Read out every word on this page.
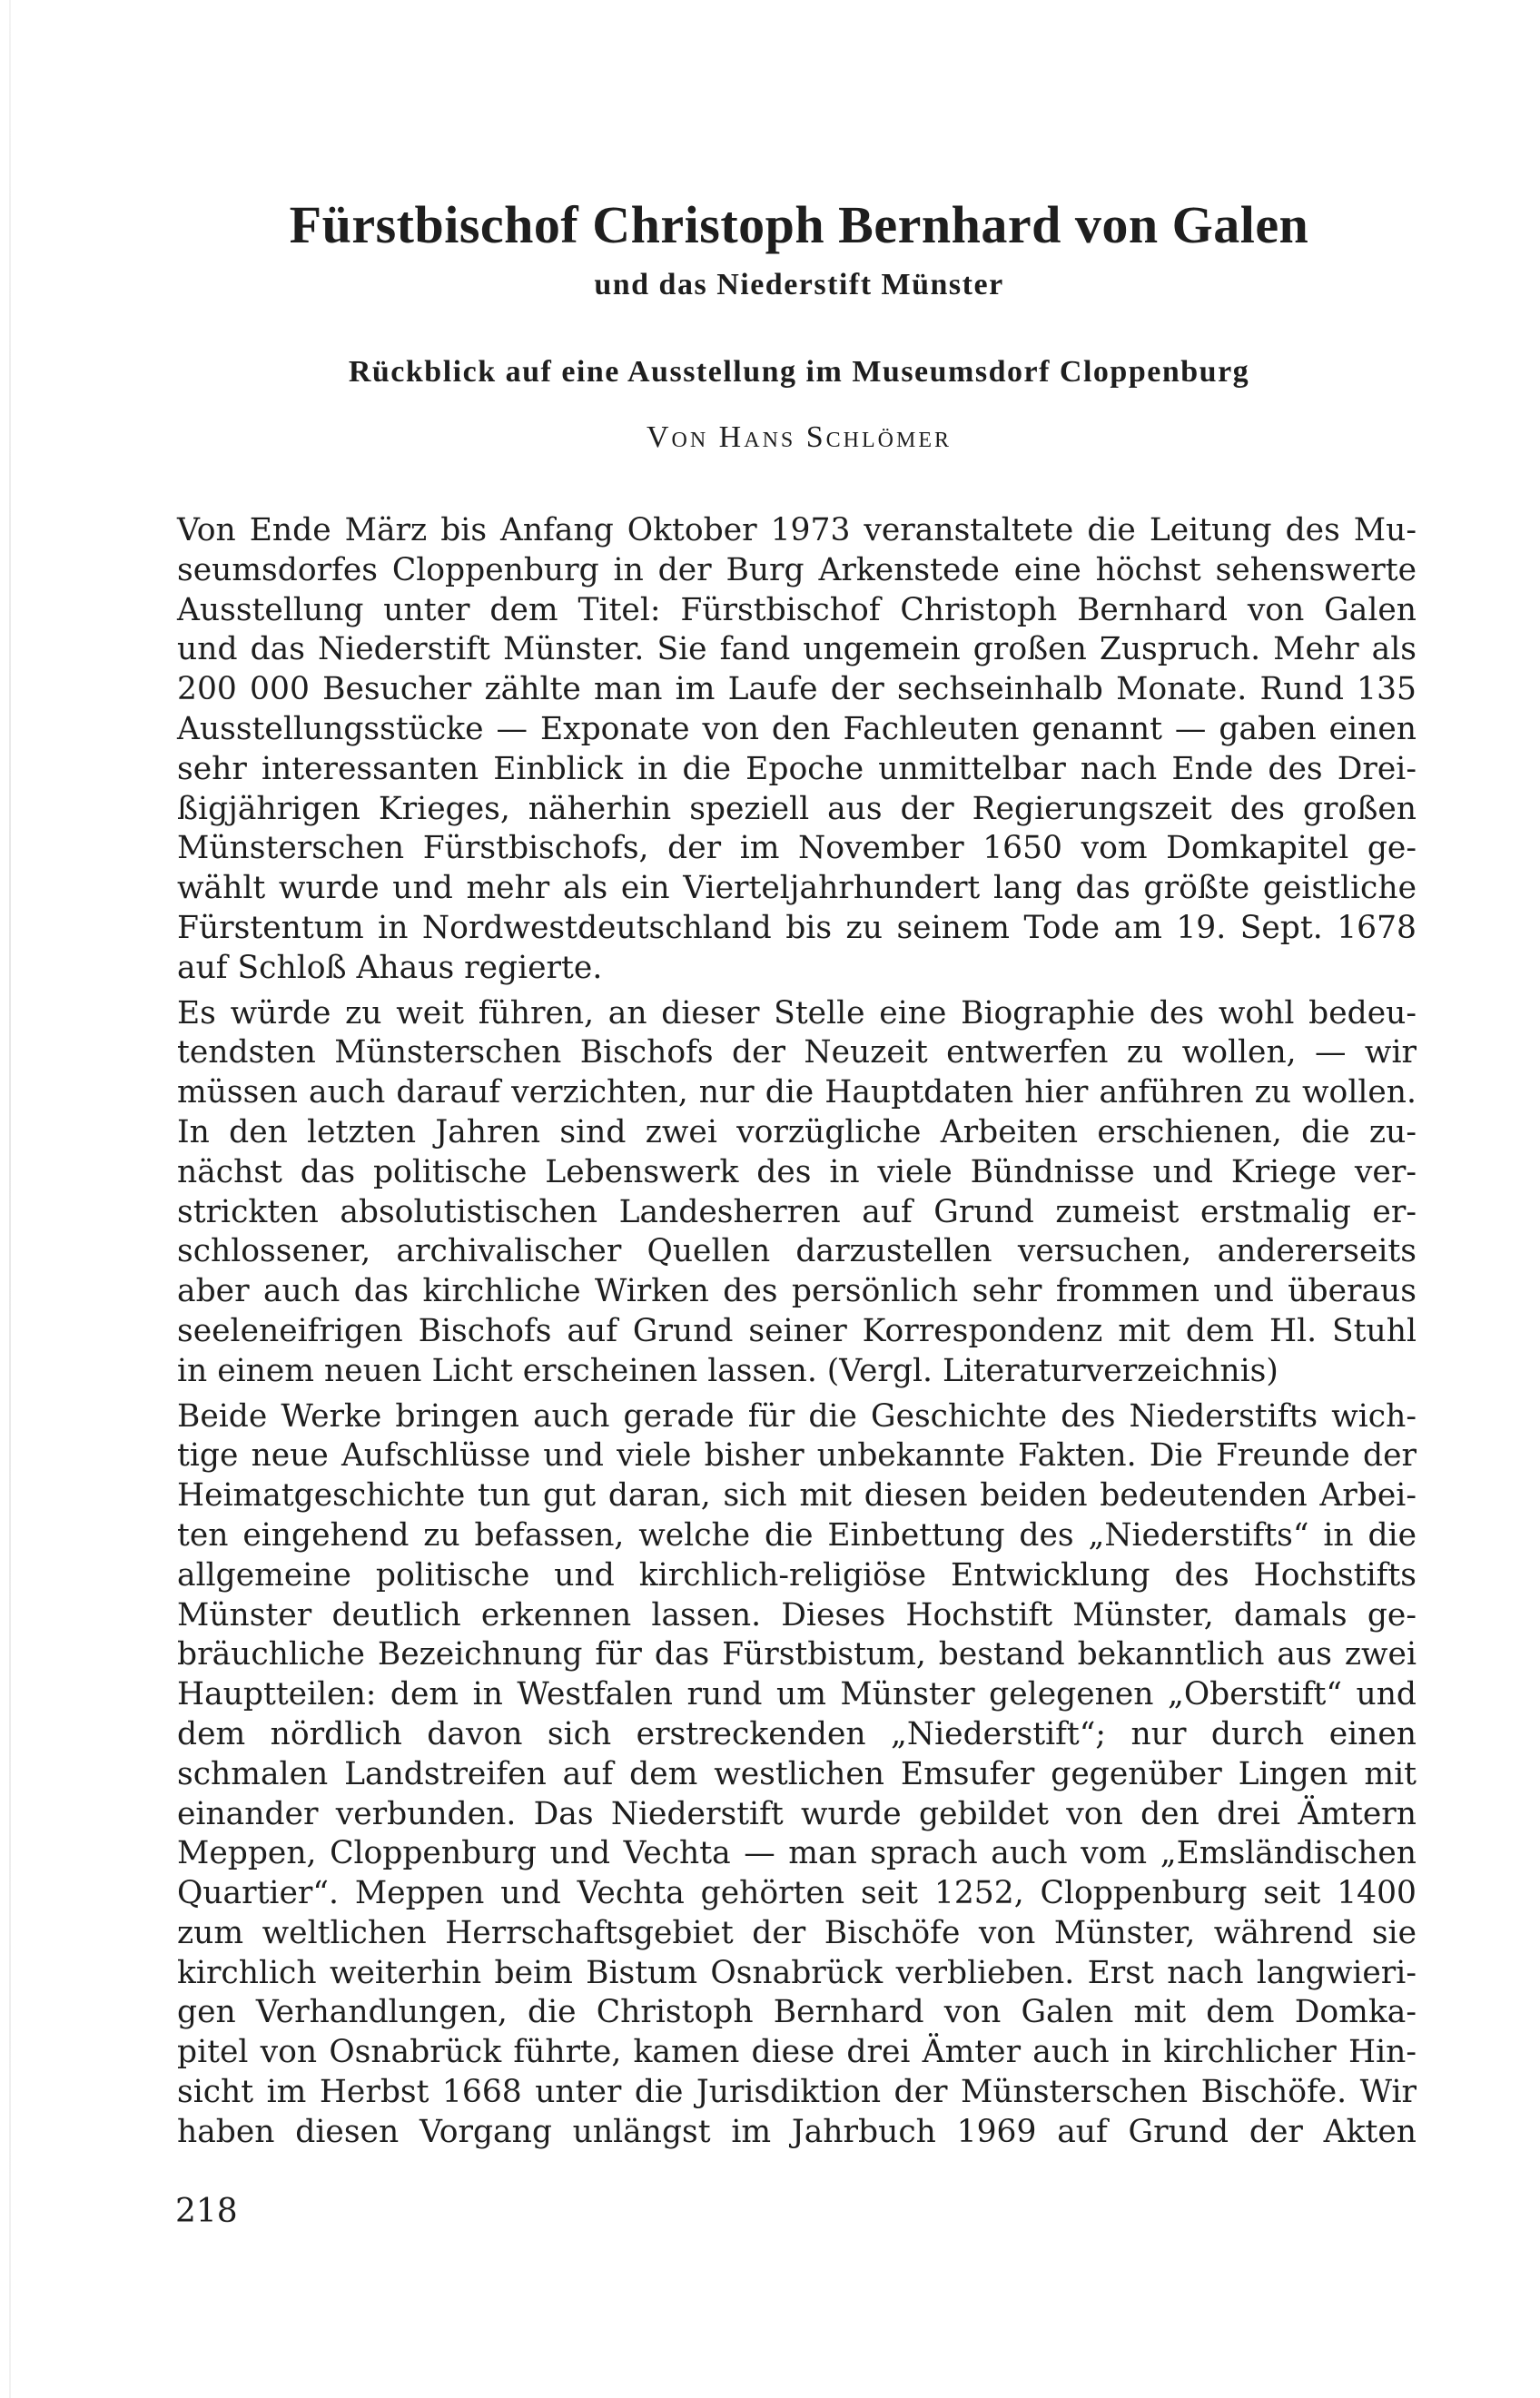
Fürstbischof Christoph Bernhard von Galen
und das Niederstift Münster
Rückblick auf eine Ausstellung im Museumsdorf Cloppenburg

Von Hans Schlömer

Von Ende März bis Anfang Oktober 1973 veranstaltete die Leitung des Mu-
seumsdorfes Cloppenburg in der Burg Arkenstede eine höchst sehenswerte
Ausstellung unter dem Titel: Fürstbischof Christoph Bernhard von Galen
und das Niederstift Münster. Sie fand ungemein großen Zuspruch. Mehr als
200 000 Besucher zählte man im Laufe der sechseinhalb Monate. Rund 135
Ausstellungsstücke — Exponate von den Fachleuten genannt — gaben einen
sehr interessanten Einblick in die Epoche unmittelbar nach Ende des Drei-
ßigjährigen Krieges, näherhin speziell aus der Regierungszeit des großen
Münsterschen Fürstbischofs, der im November 1650 vom Domkapitel ge-
wählt wurde und mehr als ein Vierteljahrhundert lang das größte geistliche
Fürstentum in Nordwestdeutschland bis zu seinem Tode am 19. Sept. 1678
auf Schloß Ahaus regierte.
Es würde zu weit führen, an dieser Stelle eine Biographie des wohl bedeu-
tendsten Münsterschen Bischofs der Neuzeit entwerfen zu wollen, — wir
müssen auch darauf verzichten, nur die Hauptdaten hier anführen zu wollen.
In den letzten Jahren sind zwei vorzügliche Arbeiten erschienen, die zu-
nächst das politische Lebenswerk des in viele Bündnisse und Kriege ver-
strickten absolutistischen Landesherren auf Grund zumeist erstmalig er-
schlossener, archivalischer Quellen darzustellen versuchen, andererseits
aber auch das kirchliche Wirken des persönlich sehr frommen und überaus
seeleneifrigen Bischofs auf Grund seiner Korrespondenz mit dem Hl. Stuhl
in einem neuen Licht erscheinen lassen. (Vergl. Literaturverzeichnis)
Beide Werke bringen auch gerade für die Geschichte des Niederstifts wich-
tige neue Aufschlüsse und viele bisher unbekannte Fakten. Die Freunde der
Heimatgeschichte tun gut daran, sich mit diesen beiden bedeutenden Arbei-
ten eingehend zu befassen, welche die Einbettung des „Niederstifts“ in die
allgemeine politische und kirchlich-religiöse Entwicklung des Hochstifts
Münster deutlich erkennen lassen. Dieses Hochstift Münster, damals ge-
bräuchliche Bezeichnung für das Fürstbistum, bestand bekanntlich aus zwei
Hauptteilen: dem in Westfalen rund um Münster gelegenen „Oberstift“ und
dem nördlich davon sich erstreckenden „Niederstift“; nur durch einen
schmalen Landstreifen auf dem westlichen Emsufer gegenüber Lingen mit
einander verbunden. Das Niederstift wurde gebildet von den drei Ämtern
Meppen, Cloppenburg und Vechta — man sprach auch vom „Emsländischen
Quartier“. Meppen und Vechta gehörten seit 1252, Cloppenburg seit 1400
zum weltlichen Herrschaftsgebiet der Bischöfe von Münster, während sie
kirchlich weiterhin beim Bistum Osnabrück verblieben. Erst nach langwieri-
gen Verhandlungen, die Christoph Bernhard von Galen mit dem Domka-
pitel von Osnabrück führte, kamen diese drei Ämter auch in kirchlicher Hin-
sicht im Herbst 1668 unter die Jurisdiktion der Münsterschen Bischöfe. Wir
haben diesen Vorgang unlängst im Jahrbuch 1969 auf Grund der Akten

218
